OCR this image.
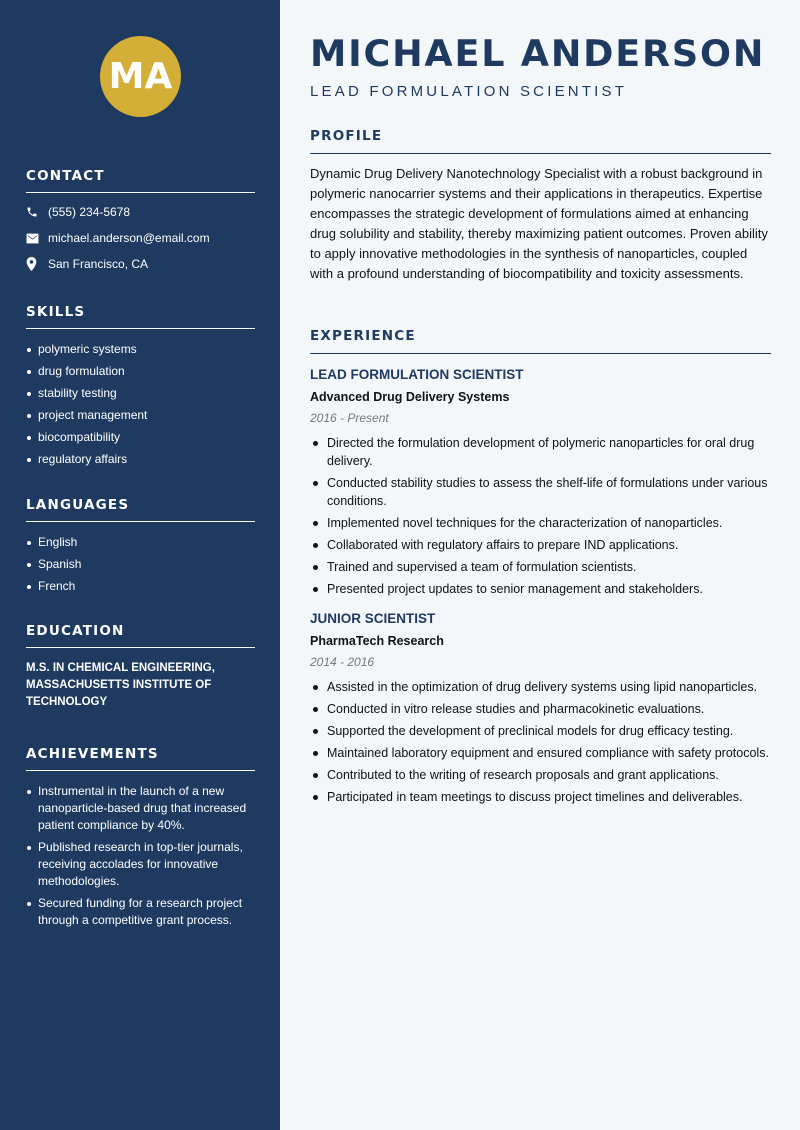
MA
CONTACT
(555) 234-5678
michael.anderson@email.com
San Francisco, CA
SKILLS
polymeric systems
drug formulation
stability testing
project management
biocompatibility
regulatory affairs
LANGUAGES
English
Spanish
French
EDUCATION
M.S. IN CHEMICAL ENGINEERING, MASSACHUSETTS INSTITUTE OF TECHNOLOGY
ACHIEVEMENTS
Instrumental in the launch of a new nanoparticle-based drug that increased patient compliance by 40%.
Published research in top-tier journals, receiving accolades for innovative methodologies.
Secured funding for a research project through a competitive grant process.
MICHAEL ANDERSON
LEAD FORMULATION SCIENTIST
PROFILE

Dynamic Drug Delivery Nanotechnology Specialist with a robust background in polymeric nanocarrier systems and their applications in therapeutics. Expertise encompasses the strategic development of formulations aimed at enhancing drug solubility and stability, thereby maximizing patient outcomes. Proven ability to apply innovative methodologies in the synthesis of nanoparticles, coupled with a profound understanding of biocompatibility and toxicity assessments.

EXPERIENCE
LEAD FORMULATION SCIENTIST
Advanced Drug Delivery Systems
2016 - Present
Directed the formulation development of polymeric nanoparticles for oral drug delivery.
Conducted stability studies to assess the shelf-life of formulations under various conditions.
Implemented novel techniques for the characterization of nanoparticles.
Collaborated with regulatory affairs to prepare IND applications.
Trained and supervised a team of formulation scientists.
Presented project updates to senior management and stakeholders.
JUNIOR SCIENTIST
PharmaTech Research
2014 - 2016
Assisted in the optimization of drug delivery systems using lipid nanoparticles.
Conducted in vitro release studies and pharmacokinetic evaluations.
Supported the development of preclinical models for drug efficacy testing.
Maintained laboratory equipment and ensured compliance with safety protocols.
Contributed to the writing of research proposals and grant applications.
Participated in team meetings to discuss project timelines and deliverables.
